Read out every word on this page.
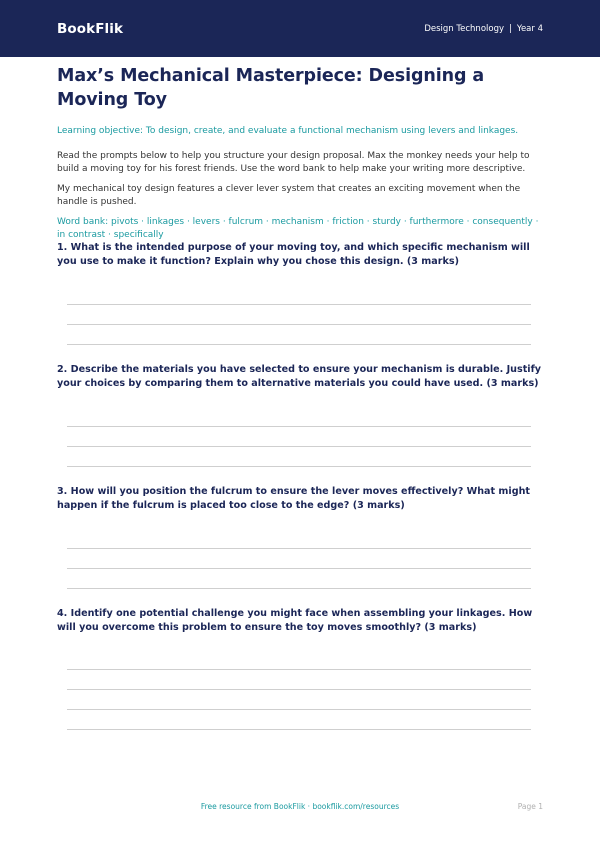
BookFlik	Design Technology | Year 4
Max’s Mechanical Masterpiece: Designing a Moving Toy

Learning objective: To design, create, and evaluate a functional mechanism using levers and linkages.

Read the prompts below to help you structure your design proposal. Max the monkey needs your help to build a moving toy for his forest friends. Use the word bank to help make your writing more descriptive.

My mechanical toy design features a clever lever system that creates an exciting movement when the handle is pushed.

Word bank: pivots · linkages · levers · fulcrum · mechanism · friction · sturdy · furthermore · consequently · in contrast · specifically

1. What is the intended purpose of your moving toy, and which specific mechanism will you use to make it function? Explain why you chose this design. (3 marks)
2. Describe the materials you have selected to ensure your mechanism is durable. Justify your choices by comparing them to alternative materials you could have used. (3 marks)
3. How will you position the fulcrum to ensure the lever moves effectively? What might happen if the fulcrum is placed too close to the edge? (3 marks)
4. Identify one potential challenge you might face when assembling your linkages. How will you overcome this problem to ensure the toy moves smoothly? (3 marks)
Free resource from BookFlik · bookflik.com/resources	Page 1
